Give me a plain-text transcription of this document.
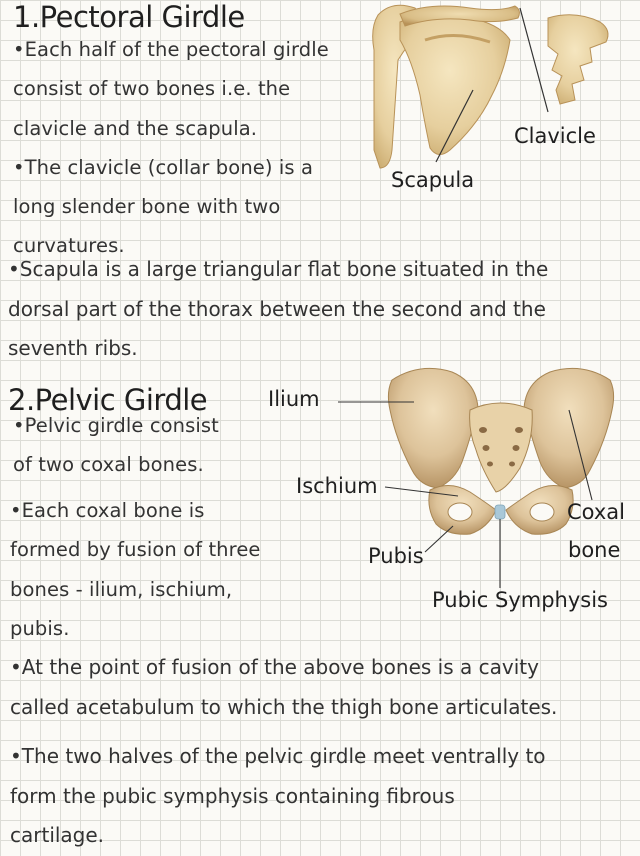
1.Pectoral Girdle
•Each half of the pectoral girdle
consist of two bones i.e. the
clavicle and the scapula.
•The clavicle (collar bone) is a
long slender bone with two
curvatures.
Clavicle
Scapula
•Scapula is a large triangular flat bone situated in the
dorsal part of the thorax between the second and the
seventh ribs.
2.Pelvic Girdle
•Pelvic girdle consist
of two coxal bones.
•Each coxal bone is
formed by fusion of three
bones - ilium, ischium,
pubis.
Ilium
Ischium
Pubis
Coxal
bone
Pubic Symphysis
•At the point of fusion of the above bones is a cavity
called acetabulum to which the thigh bone articulates.
•The two halves of the pelvic girdle meet ventrally to
form the pubic symphysis containing fibrous
cartilage.
